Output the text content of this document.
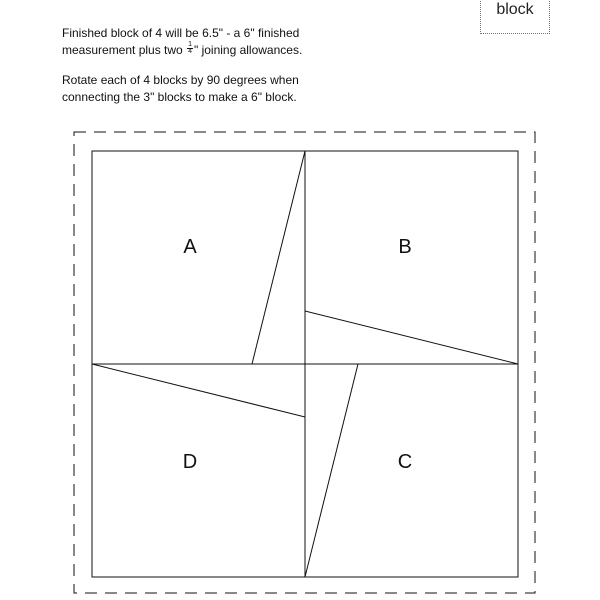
block

Finished block of 4 will be 6.5" - a 6" finished measurement plus two $\frac{1}{4}$ " joining allowances.

Rotate each of 4 blocks by 90 degrees when connecting the 3" blocks to make a 6" block.

A	B
C
D
